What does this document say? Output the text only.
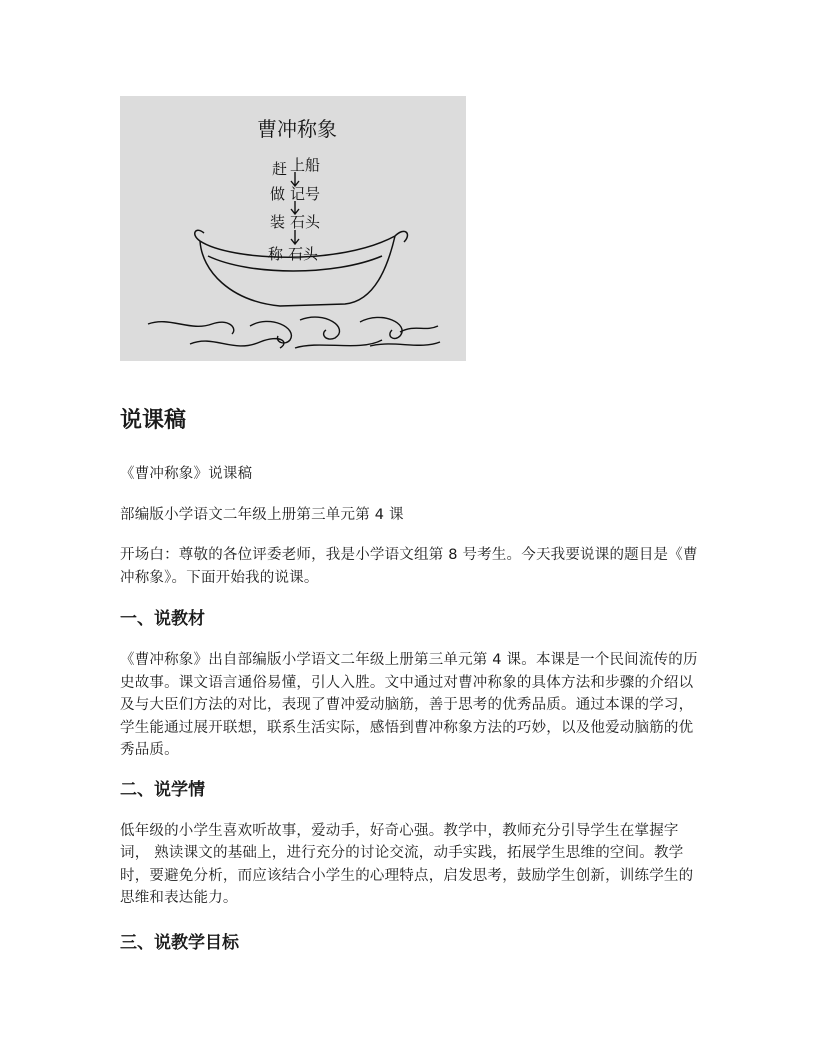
曹冲称象
赶 上船
做 记号
装 石头
称 石头
说课稿

《曹冲称象》说课稿

部编版小学语文二年级上册第三单元第 4 课

开场白：尊敬的各位评委老师，我是小学语文组第 8 号考生。今天我要说课的题目是《曹冲称象》。下面开始我的说课。

一、说教材

《曹冲称象》出自部编版小学语文二年级上册第三单元第 4 课。本课是一个民间流传的历史故事。课文语言通俗易懂，引人入胜。文中通过对曹冲称象的具体方法和步骤的介绍以及与大臣们方法的对比，表现了曹冲爱动脑筋，善于思考的优秀品质。通过本课的学习，学生能通过展开联想，联系生活实际，感悟到曹冲称象方法的巧妙，以及他爱动脑筋的优秀品质。

二、说学情

低年级的小学生喜欢听故事，爱动手，好奇心强。教学中，教师充分引导学生在掌握字词， 熟读课文的基础上，进行充分的讨论交流，动手实践，拓展学生思维的空间。教学时，要避免分析，而应该结合小学生的心理特点，启发思考，鼓励学生创新，训练学生的思维和表达能力。

三、说教学目标
